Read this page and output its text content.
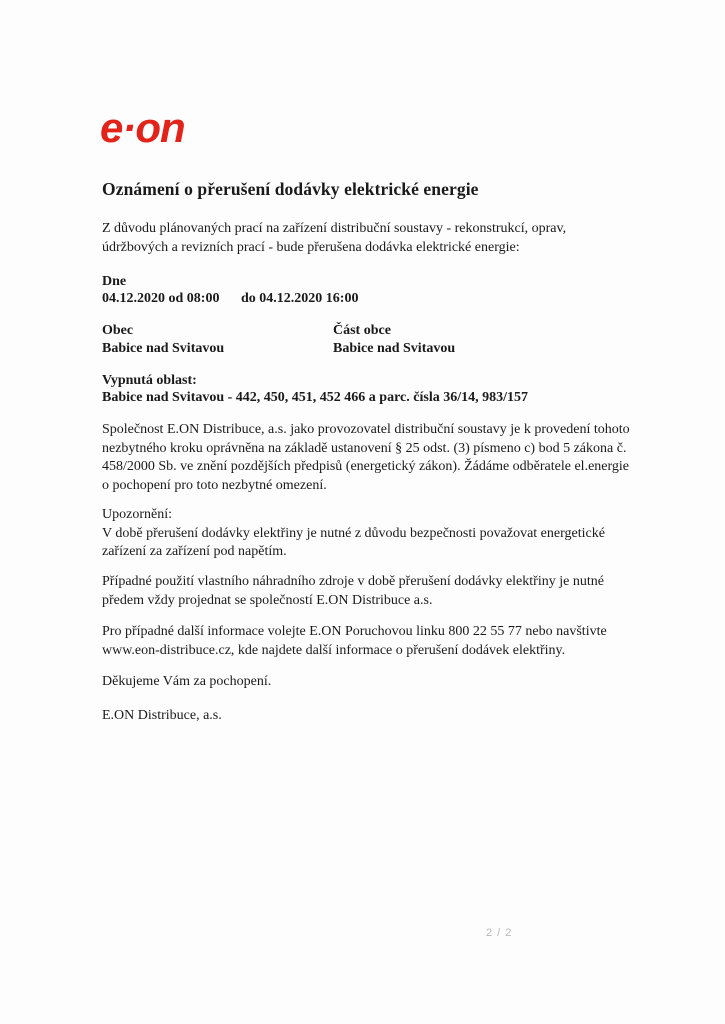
e·on
Oznámení o přerušení dodávky elektrické energie

Z důvodu plánovaných prací na zařízení distribuční soustavy - rekonstrukcí, oprav,
údržbových a revizních prací - bude přerušena dodávka elektrické energie:

Dne
04.12.2020 od 08:00 do 04.12.2020 16:00
Obec
Babice nad Svitavou
Část obce
Babice nad Svitavou
Vypnutá oblast:
Babice nad Svitavou - 442, 450, 451, 452 466 a parc. čísla 36/14, 983/157

Společnost E.ON Distribuce, a.s. jako provozovatel distribuční soustavy je k provedení tohoto
nezbytného kroku oprávněna na základě ustanovení § 25 odst. (3) písmeno c) bod 5 zákona č.
458/2000 Sb. ve znění pozdějších předpisů (energetický zákon). Žádáme odběratele el.energie
o pochopení pro toto nezbytné omezení.

Upozornění:
V době přerušení dodávky elektřiny je nutné z důvodu bezpečnosti považovat energetické
zařízení za zařízení pod napětím.

Případné použití vlastního náhradního zdroje v době přerušení dodávky elektřiny je nutné
předem vždy projednat se společností E.ON Distribuce a.s.

Pro případné další informace volejte E.ON Poruchovou linku 800 22 55 77 nebo navštivte
www.eon-distribuce.cz, kde najdete další informace o přerušení dodávek elektřiny.

Děkujeme Vám za pochopení.

E.ON Distribuce, a.s.

2 / 2
